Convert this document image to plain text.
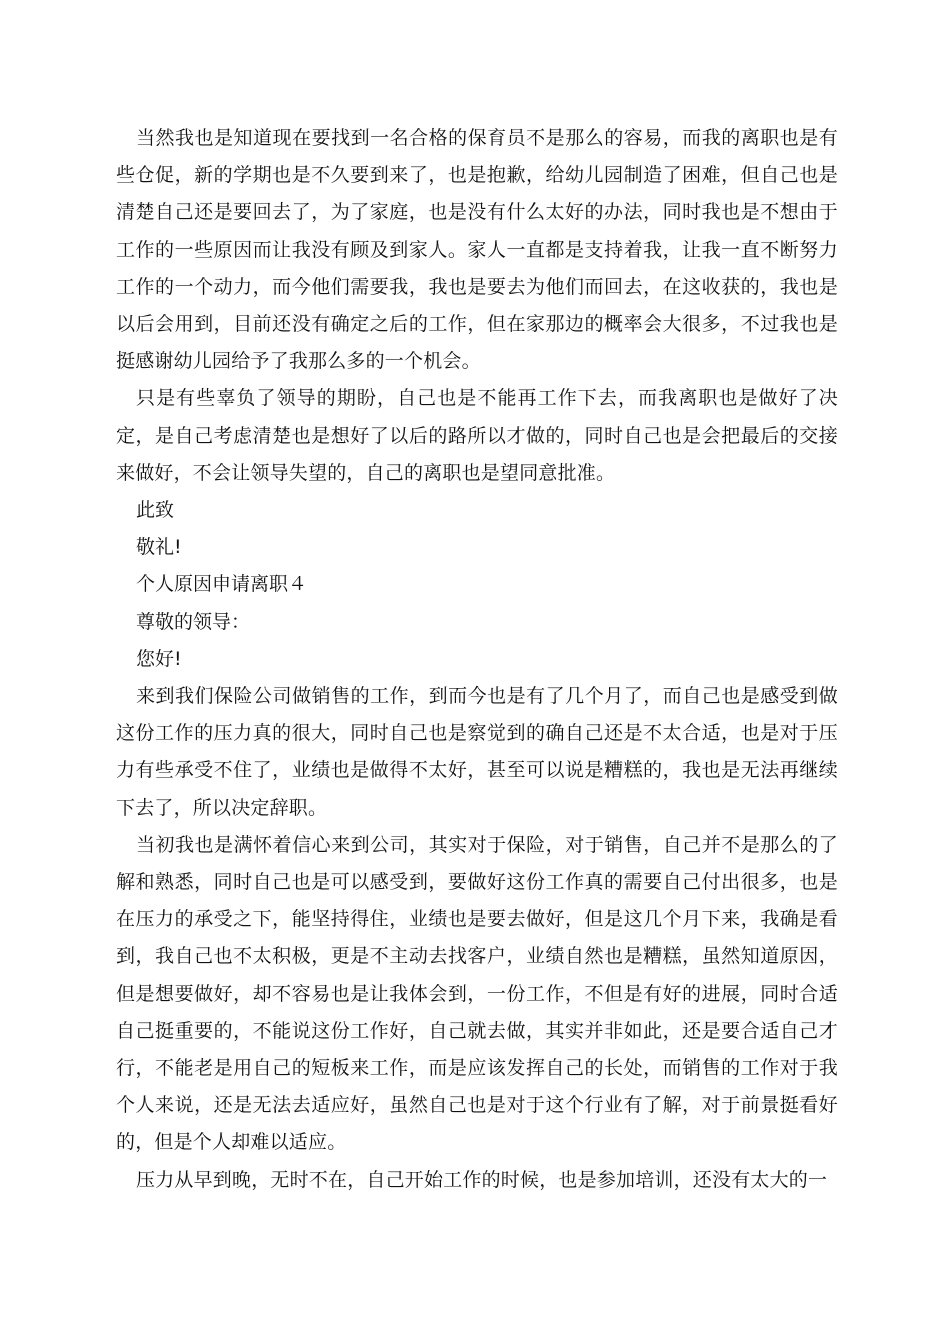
当然我也是知道现在要找到一名合格的保育员不是那么的容易，而我的离职也是有些仓促，新的学期也是不久要到来了，也是抱歉，给幼儿园制造了困难，但自己也是清楚自己还是要回去了，为了家庭，也是没有什么太好的办法，同时我也是不想由于工作的一些原因而让我没有顾及到家人。家人一直都是支持着我，让我一直不断努力工作的一个动力，而今他们需要我，我也是要去为他们而回去，在这收获的，我也是以后会用到，目前还没有确定之后的工作，但在家那边的概率会大很多，不过我也是挺感谢幼儿园给予了我那么多的一个机会。

只是有些辜负了领导的期盼，自己也是不能再工作下去，而我离职也是做好了决定，是自己考虑清楚也是想好了以后的路所以才做的，同时自己也是会把最后的交接来做好，不会让领导失望的，自己的离职也是望同意批准。

此致

敬礼!

个人原因申请离职４

尊敬的领导：

您好!

来到我们保险公司做销售的工作，到而今也是有了几个月了，而自己也是感受到做这份工作的压力真的很大，同时自己也是察觉到的确自己还是不太合适，也是对于压力有些承受不住了，业绩也是做得不太好，甚至可以说是糟糕的，我也是无法再继续下去了，所以决定辞职。

当初我也是满怀着信心来到公司，其实对于保险，对于销售，自己并不是那么的了解和熟悉，同时自己也是可以感受到，要做好这份工作真的需要自己付出很多，也是在压力的承受之下，能坚持得住，业绩也是要去做好，但是这几个月下来，我确是看到，我自己也不太积极，更是不主动去找客户，业绩自然也是糟糕，虽然知道原因，但是想要做好，却不容易也是让我体会到，一份工作，不但是有好的进展，同时合适自己挺重要的，不能说这份工作好，自己就去做，其实并非如此，还是要合适自己才行，不能老是用自己的短板来工作，而是应该发挥自己的长处，而销售的工作对于我个人来说，还是无法去适应好，虽然自己也是对于这个行业有了解，对于前景挺看好的，但是个人却难以适应。

压力从早到晚，无时不在，自己开始工作的时候，也是参加培训，还没有太大的一
